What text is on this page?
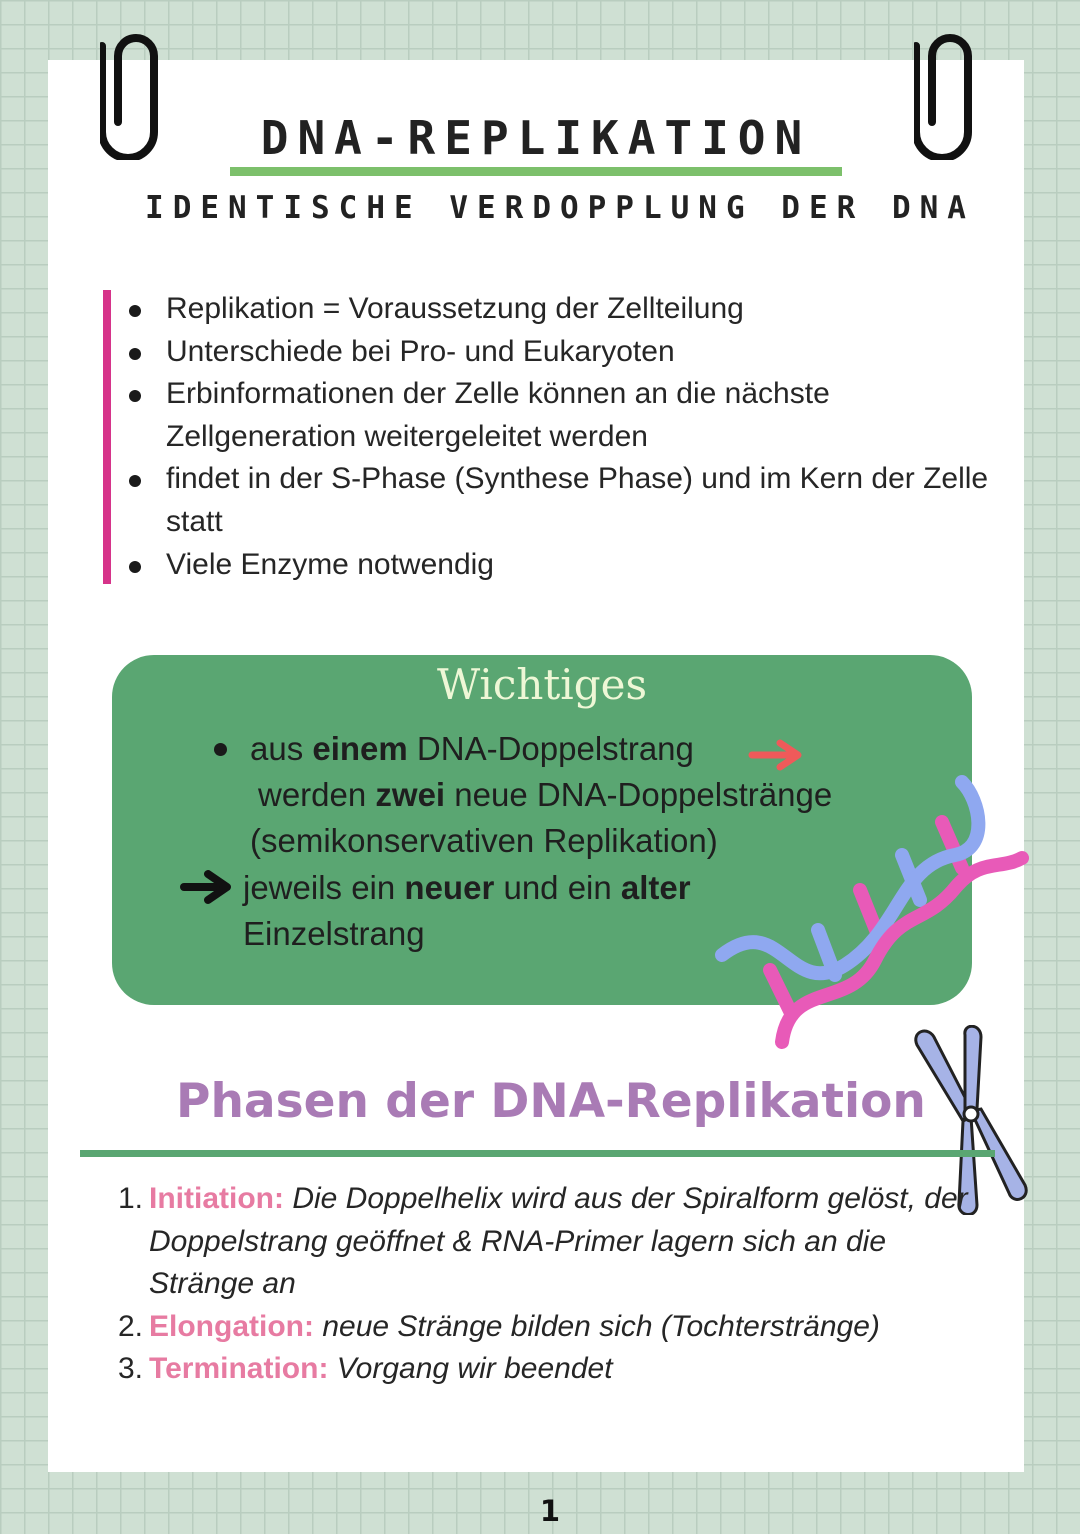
DNA-REPLIKATION
IDENTISCHE VERDOPPLUNG DER DNA
Replikation = Voraussetzung der Zellteilung
Unterschiede bei Pro- und Eukaryoten
Erbinformationen der Zelle können an die nächste Zellgeneration weitergeleitet werden
findet in der S-Phase (Synthese Phase) und im Kern der Zelle statt
Viele Enzyme notwendig

Wichtiges

aus einem DNA-Doppelstrang

werden zwei neue DNA-Doppelstränge

(semikonservativen Replikation)

jeweils ein neuer und ein alter

Einzelstrang

Phasen der DNA-Replikation
1. Initiation: Die Doppelhelix wird aus der Spiralform gelöst, der Doppelstrang geöffnet & RNA-Primer lagern sich an die Stränge an
2. Elongation: neue Stränge bilden sich (Tochterstränge)
3. Termination: Vorgang wir beendet
1
